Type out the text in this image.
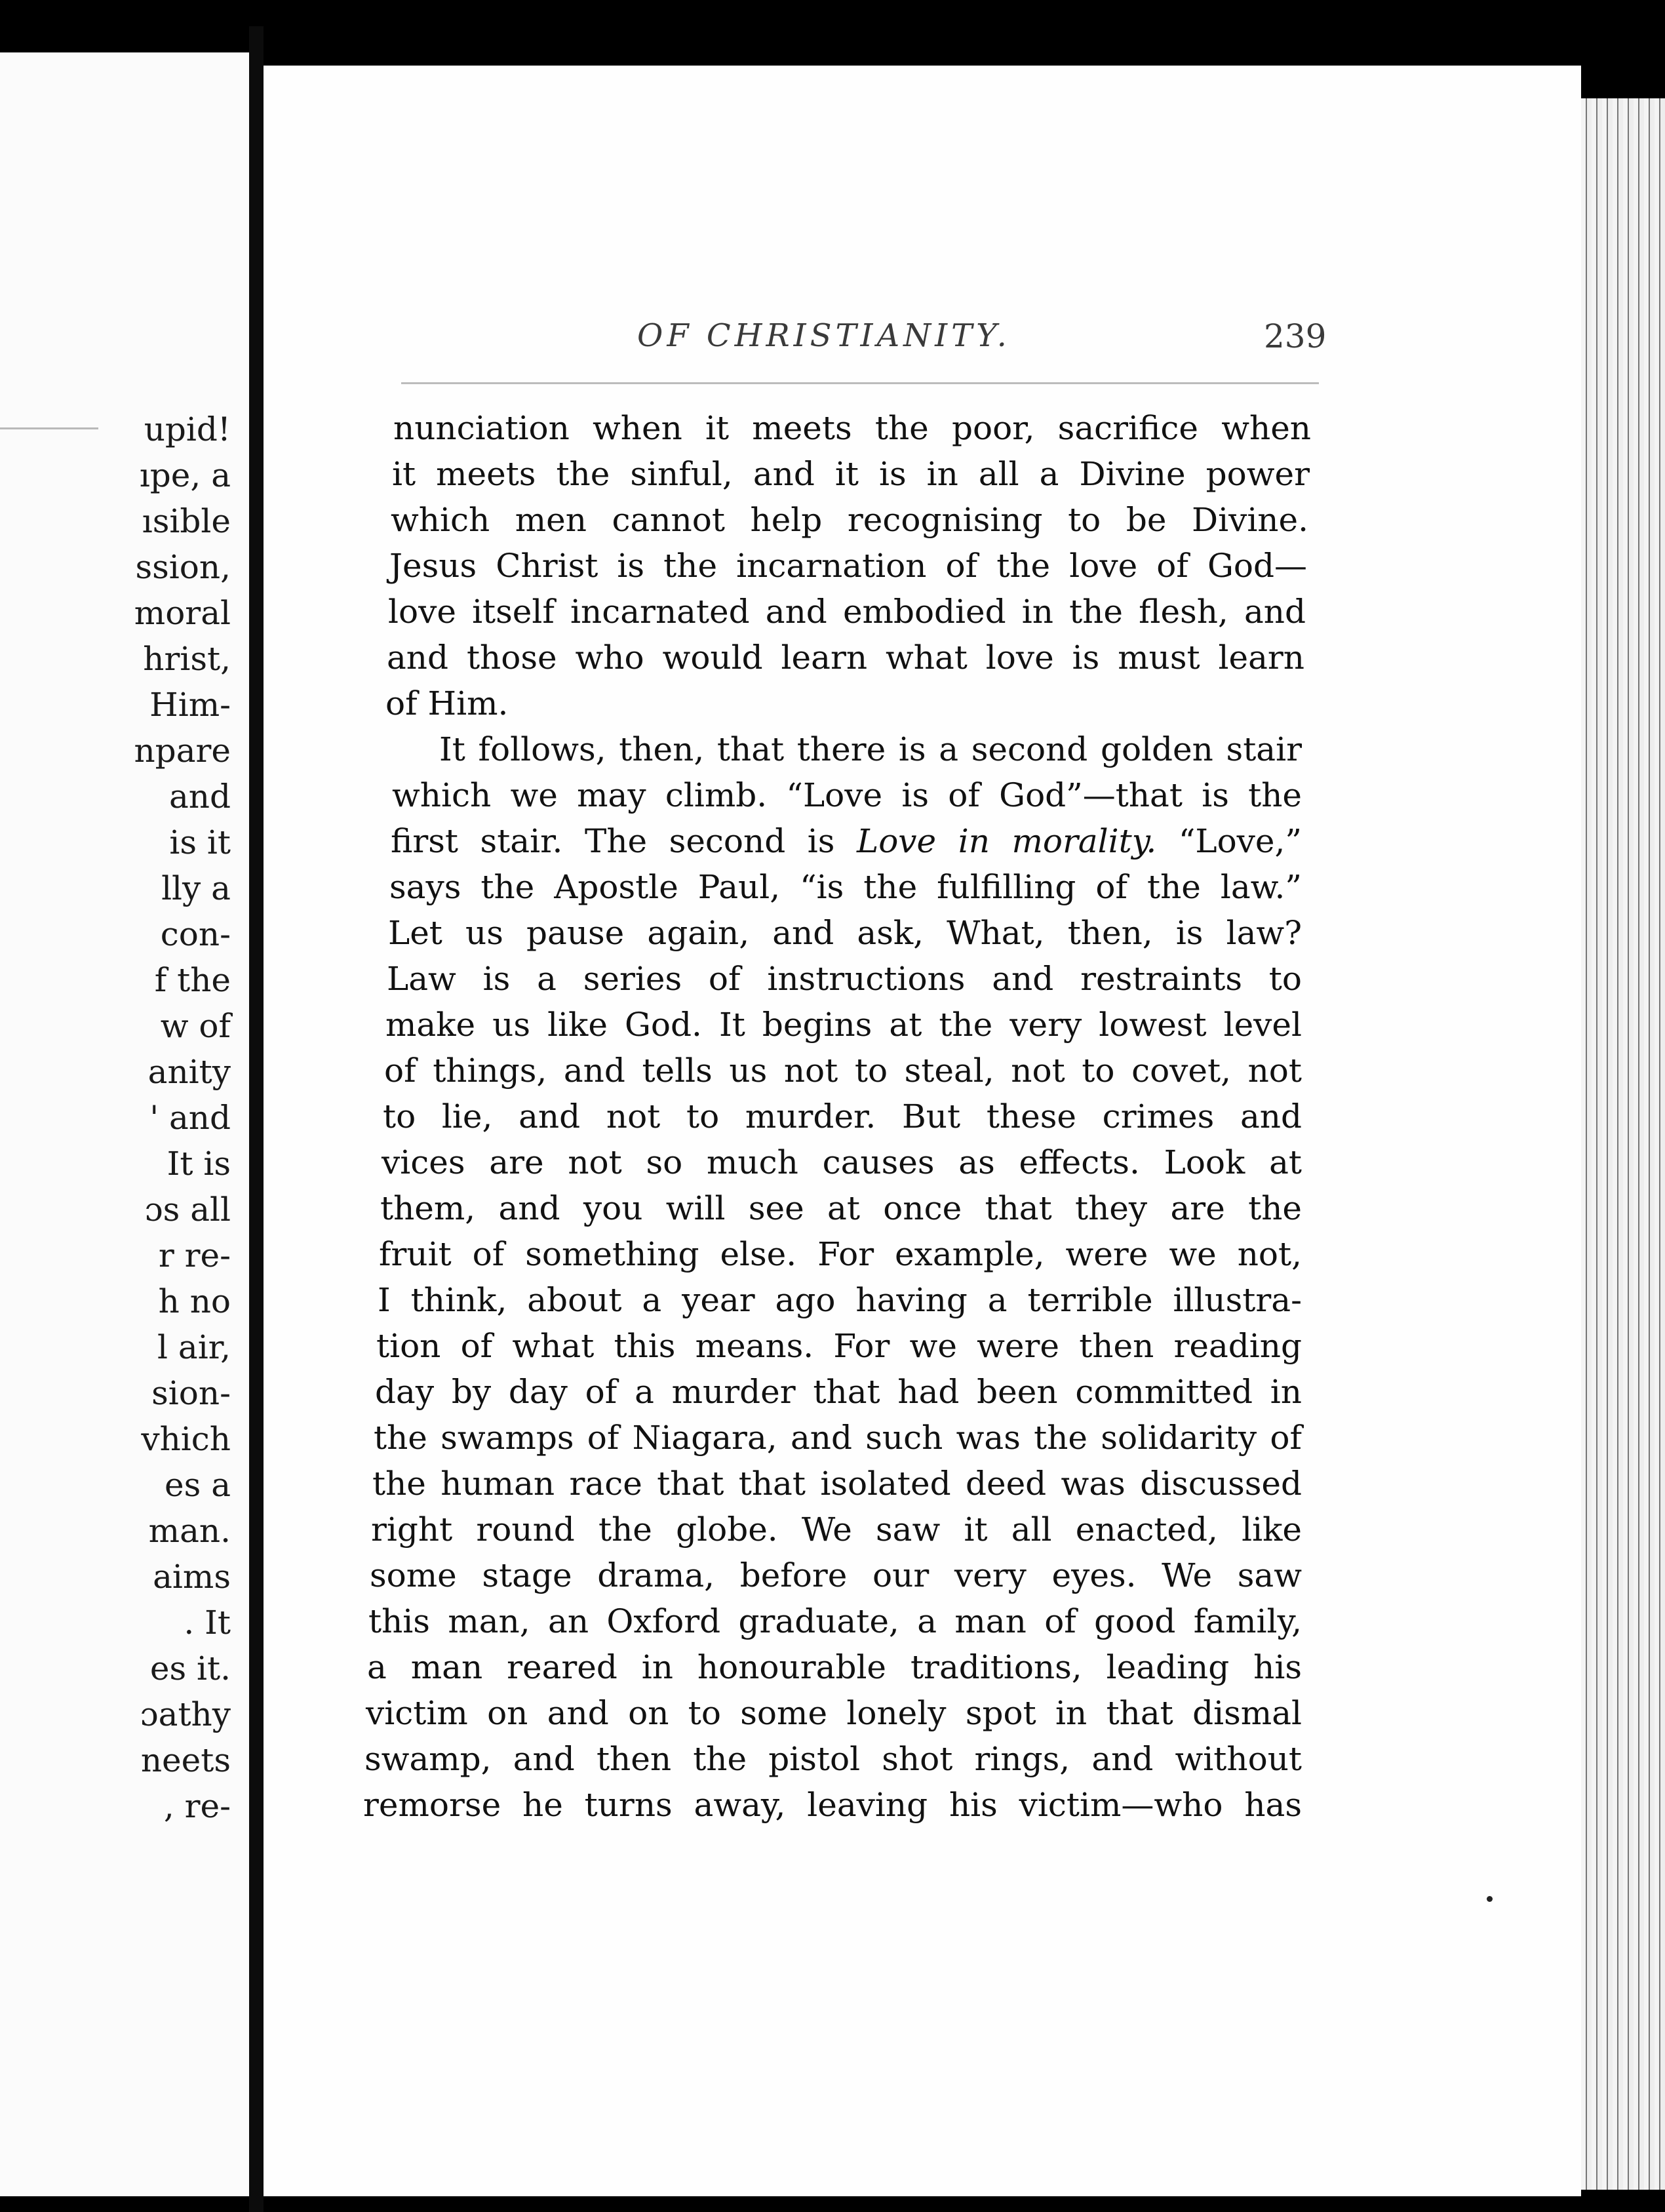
upid!
ıpe, a
ısible
ssion,
moral
hrist,
Him-
npare
and
is it
lly a
con-
f the
w of
anity
' and
It is
ɔs all
r re-
h no
l air,
sion-
vhich
es a
man.
aims
. It
es it.
ɔathy
neets
, re-
OF CHRISTIANITY.	239
nunciation when it meets the poor, sacrifice when
it meets the sinful, and it is in all a Divine power
which men cannot help recognising to be Divine.
Jesus Christ is the incarnation of the love of God—
love itself incarnated and embodied in the flesh, and
and those who would learn what love is must learn
of Him.
It follows, then, that there is a second golden stair
which we may climb. “Love is of God”—that is the
first stair. The second is Love in morality. “Love,”
says the Apostle Paul, “is the fulfilling of the law.”
Let us pause again, and ask, What, then, is law?
Law is a series of instructions and restraints to
make us like God. It begins at the very lowest level
of things, and tells us not to steal, not to covet, not
to lie, and not to murder. But these crimes and
vices are not so much causes as effects. Look at
them, and you will see at once that they are the
fruit of something else. For example, were we not,
I think, about a year ago having a terrible illustra-
tion of what this means. For we were then reading
day by day of a murder that had been committed in
the swamps of Niagara, and such was the solidarity of
the human race that that isolated deed was discussed
right round the globe. We saw it all enacted, like
some stage drama, before our very eyes. We saw
this man, an Oxford graduate, a man of good family,
a man reared in honourable traditions, leading his
victim on and on to some lonely spot in that dismal
swamp, and then the pistol shot rings, and without
remorse he turns away, leaving his victim—who has
